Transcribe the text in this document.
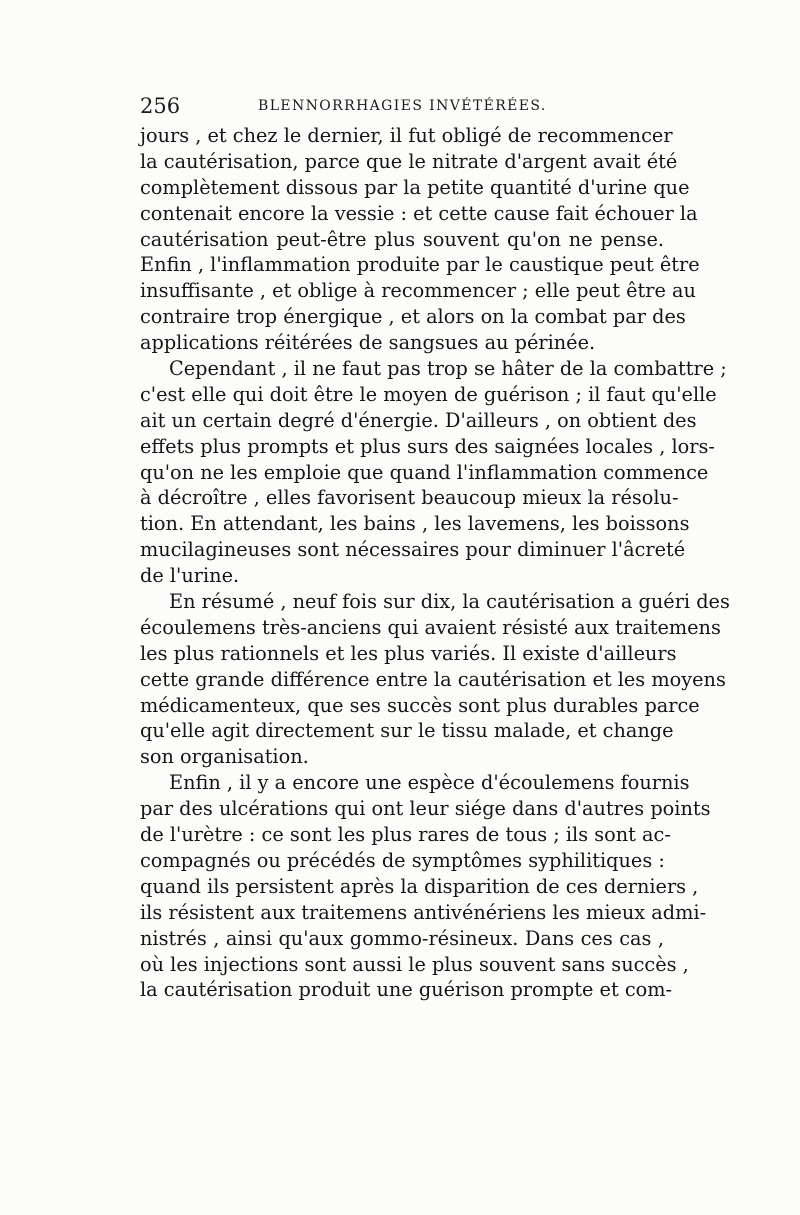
256	BLENNORRHAGIES INVÉTÉRÉES.
jours , et chez le dernier, il fut obligé de recommencer
la cautérisation, parce que le nitrate d'argent avait été
complètement dissous par la petite quantité d'urine que
contenait encore la vessie : et cette cause fait échouer la
cautérisation peut-être plus souvent qu'on ne pense.
Enfin , l'inflammation produite par le caustique peut être
insuffisante , et oblige à recommencer ; elle peut être au
contraire trop énergique , et alors on la combat par des
applications réitérées de sangsues au périnée.
Cependant , il ne faut pas trop se hâter de la combattre ;
c'est elle qui doit être le moyen de guérison ; il faut qu'elle
ait un certain degré d'énergie. D'ailleurs , on obtient des
effets plus prompts et plus surs des saignées locales , lors-
qu'on ne les emploie que quand l'inflammation commence
à décroître , elles favorisent beaucoup mieux la résolu-
tion. En attendant, les bains , les lavemens, les boissons
mucilagineuses sont nécessaires pour diminuer l'âcreté
de l'urine.
En résumé , neuf fois sur dix, la cautérisation a guéri des
écoulemens très-anciens qui avaient résisté aux traitemens
les plus rationnels et les plus variés. Il existe d'ailleurs
cette grande différence entre la cautérisation et les moyens
médicamenteux, que ses succès sont plus durables parce
qu'elle agit directement sur le tissu malade, et change
son organisation.
Enfin , il y a encore une espèce d'écoulemens fournis
par des ulcérations qui ont leur siége dans d'autres points
de l'urètre : ce sont les plus rares de tous ; ils sont ac-
compagnés ou précédés de symptômes syphilitiques :
quand ils persistent après la disparition de ces derniers ,
ils résistent aux traitemens antivénériens les mieux admi-
nistrés , ainsi qu'aux gommo-résineux. Dans ces cas ,
où les injections sont aussi le plus souvent sans succès ,
la cautérisation produit une guérison prompte et com-
